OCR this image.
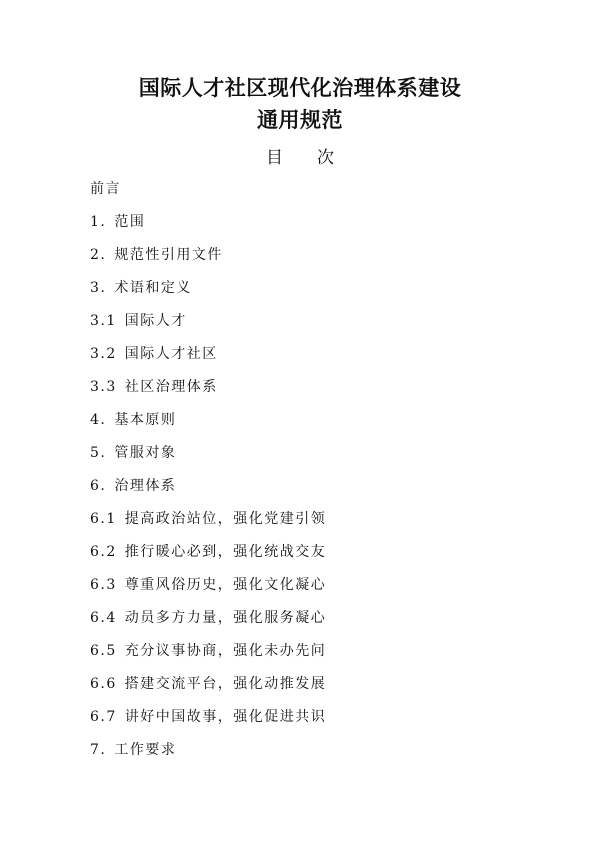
国际人才社区现代化治理体系建设
通用规范
目 次
前言
1. 范围
2. 规范性引用文件
3. 术语和定义
3.1 国际人才
3.2 国际人才社区
3.3 社区治理体系
4. 基本原则
5. 管服对象
6. 治理体系
6.1 提高政治站位，强化党建引领
6.2 推行暖心必到，强化统战交友
6.3 尊重风俗历史，强化文化凝心
6.4 动员多方力量，强化服务凝心
6.5 充分议事协商，强化未办先问
6.6 搭建交流平台，强化动推发展
6.7 讲好中国故事，强化促进共识
7. 工作要求
